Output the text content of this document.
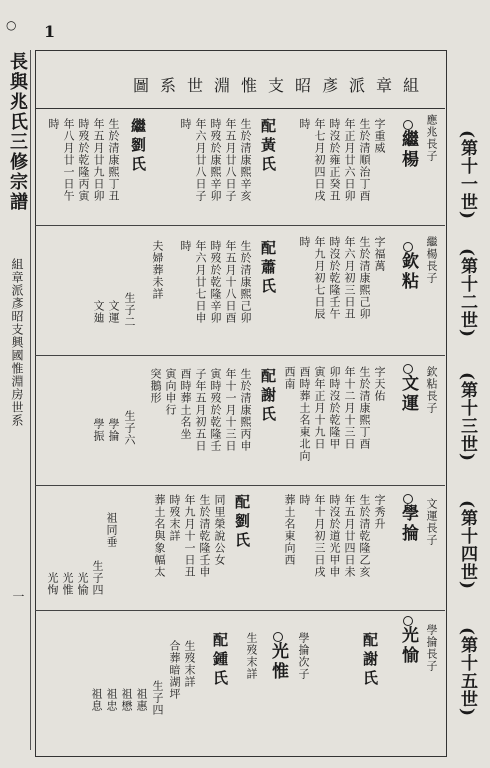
○ 1
長與兆氏三修宗譜
組章派彥昭支興國惟淵房世系
一
組章派彥昭支惟淵世系圖
(第十一世)
(第十二世)
(第十三世)
(第十四世)
(第十五世)
應兆長子
繼楊
字重威
生於清順治丁酉
年正月廿六日卯
時沒於雍正癸丑
年七月初四日戌
時
配黃氏
生於清康熙辛亥
年五月廿八日子
時歿於康熙辛卯
年六月廿八日子
時
繼劉氏
生於清康熙丁丑
年五月廿九日卯
時歿於乾隆丙寅
年八月廿一日午
時
繼楊長子
欽粘
字福萬
生於清康熙己卯
年六月初三日丑
時沒於乾隆壬午
年九月初七日辰
時
配蕭氏
生於清康熙己卯
年五月十八日酉
時歿於乾隆辛卯
年六月廿七日申
時
夫婦葬未詳
生子二
文運
文廸
欽粘長子
文運
字天佑
生於清康熙丁酉
年十二月十三日
卯時沒於乾隆甲
寅年正月十九日
酉時葬土名東北向
西南
配謝氏
生於清康熙丙申
年十一月十三日
寅時歿於乾隆壬
子年五月初五日
酉時葬土名坐
寅向申行
突鵝形
生子六
學掄
學振
文運長子
學掄
字秀升
生於清乾隆乙亥
年五月廿四日未
時沒於道光甲申
年十月初三日戌
時
葬土名東向西
配劉氏
同里榮說公女
生於清乾隆壬申
年九月十一日丑
時歿末詳
葬土名與象幅太
祖同垂
生子四
光愉
光惟
光恂
學掄長子
光愉
配謝氏
學掄次子
光惟
生歿末詳
配鍾氏
生歿末詳
合葬暗湖坪
生子四
祖惠
祖懋
祖忠
祖息
